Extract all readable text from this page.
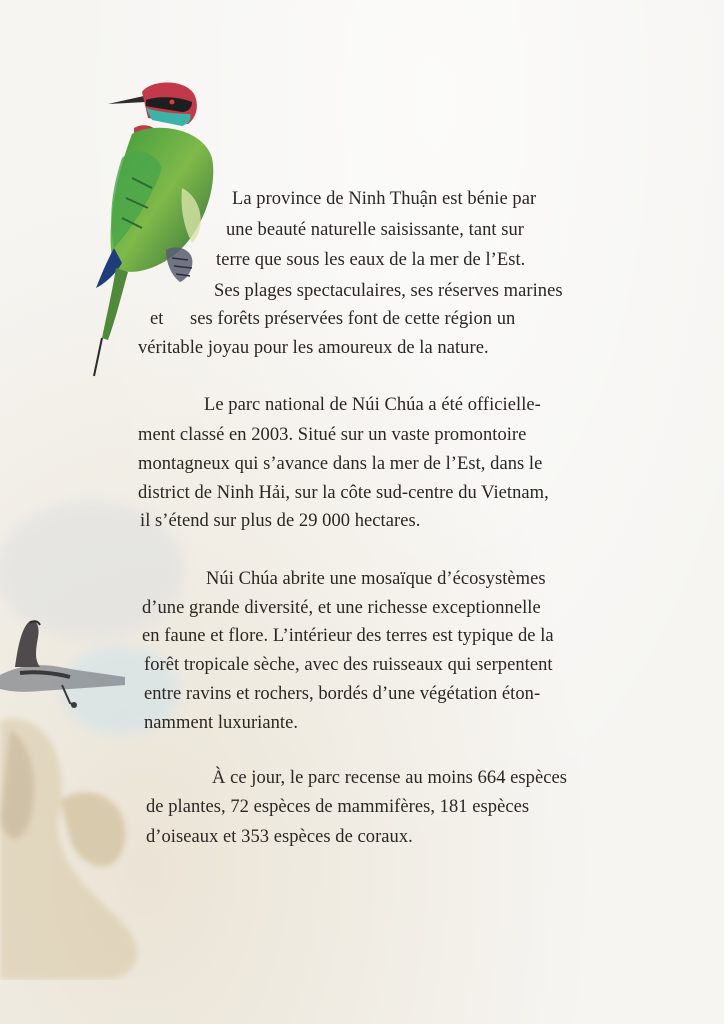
La province de Ninh Thuận est bénie par
une beauté naturelle saisissante, tant sur
terre que sous les eaux de la mer de l’Est.
Ses plages spectaculaires, ses réserves marines
et ses forêts préservées font de cette région un
véritable joyau pour les amoureux de la nature.
Le parc national de Núi Chúa a été officielle-
ment classé en 2003. Situé sur un vaste promontoire
montagneux qui s’avance dans la mer de l’Est, dans le
district de Ninh Hải, sur la côte sud-centre du Vietnam,
il s’étend sur plus de 29 000 hectares.
Núi Chúa abrite une mosaïque d’écosystèmes
d’une grande diversité, et une richesse exceptionnelle
en faune et flore. L’intérieur des terres est typique de la
forêt tropicale sèche, avec des ruisseaux qui serpentent
entre ravins et rochers, bordés d’une végétation éton-
namment luxuriante.
À ce jour, le parc recense au moins 664 espèces
de plantes, 72 espèces de mammifères, 181 espèces
d’oiseaux et 353 espèces de coraux.
